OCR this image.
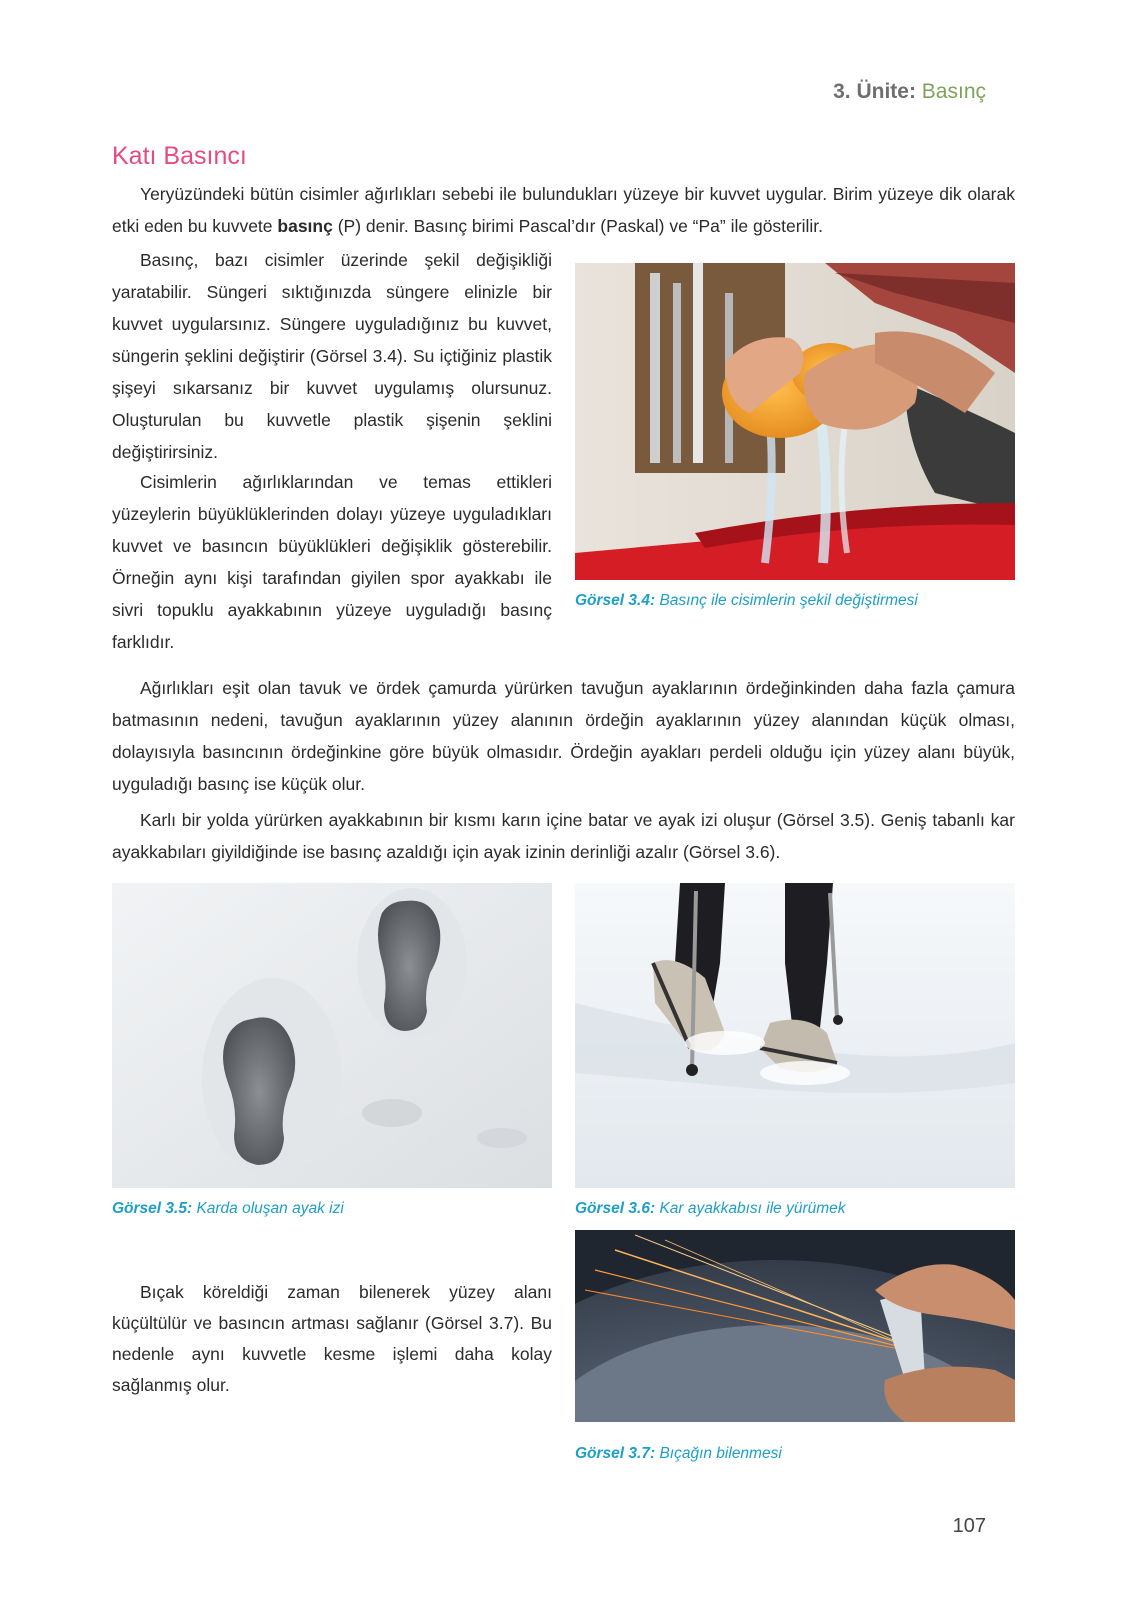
3. Ünite: Basınç
Katı Basıncı

Yeryüzündeki bütün cisimler ağırlıkları sebebi ile bulundukları yüzeye bir kuvvet uygular. Birim yüzeye dik olarak etki eden bu kuvvete basınç (P) denir. Basınç birimi Pascal’dır (Paskal) ve “Pa” ile gösterilir.

Basınç, bazı cisimler üzerinde şekil değişikliği yaratabilir. Süngeri sıktığınızda süngere elinizle bir kuvvet uygularsınız. Süngere uyguladığınız bu kuvvet, süngerin şeklini değiştirir (Görsel 3.4). Su içtiğiniz plastik şişeyi sıkarsanız bir kuvvet uygulamış olursunuz. Oluşturulan bu kuvvetle plastik şişenin şeklini değiştirirsiniz.

Cisimlerin ağırlıklarından ve temas ettikleri yüzeylerin büyüklüklerinden dolayı yüzeye uyguladıkları kuvvet ve basıncın büyüklükleri değişiklik gösterebilir. Örneğin aynı kişi tarafından giyilen spor ayakkabı ile sivri topuklu ayakkabının yüzeye uyguladığı basınç farklıdır.

Görsel 3.4: Basınç ile cisimlerin şekil değiştirmesi

Ağırlıkları eşit olan tavuk ve ördek çamurda yürürken tavuğun ayaklarının ördeğinkinden daha fazla çamura batmasının nedeni, tavuğun ayaklarının yüzey alanının ördeğin ayaklarının yüzey alanından küçük olması, dolayısıyla basıncının ördeğinkine göre büyük olmasıdır. Ördeğin ayakları perdeli olduğu için yüzey alanı büyük, uyguladığı basınç ise küçük olur.

Karlı bir yolda yürürken ayakkabının bir kısmı karın içine batar ve ayak izi oluşur (Görsel 3.5). Geniş tabanlı kar ayakkabıları giyildiğinde ise basınç azaldığı için ayak izinin derinliği azalır (Görsel 3.6).

Görsel 3.5: Karda oluşan ayak izi	Görsel 3.6: Kar ayakkabısı ile yürümek

Bıçak köreldiği zaman bilenerek yüzey alanı küçültülür ve basıncın artması sağlanır (Görsel 3.7). Bu nedenle aynı kuvvetle kesme işlemi daha kolay sağlanmış olur.

Görsel 3.7: Bıçağın bilenmesi
107
